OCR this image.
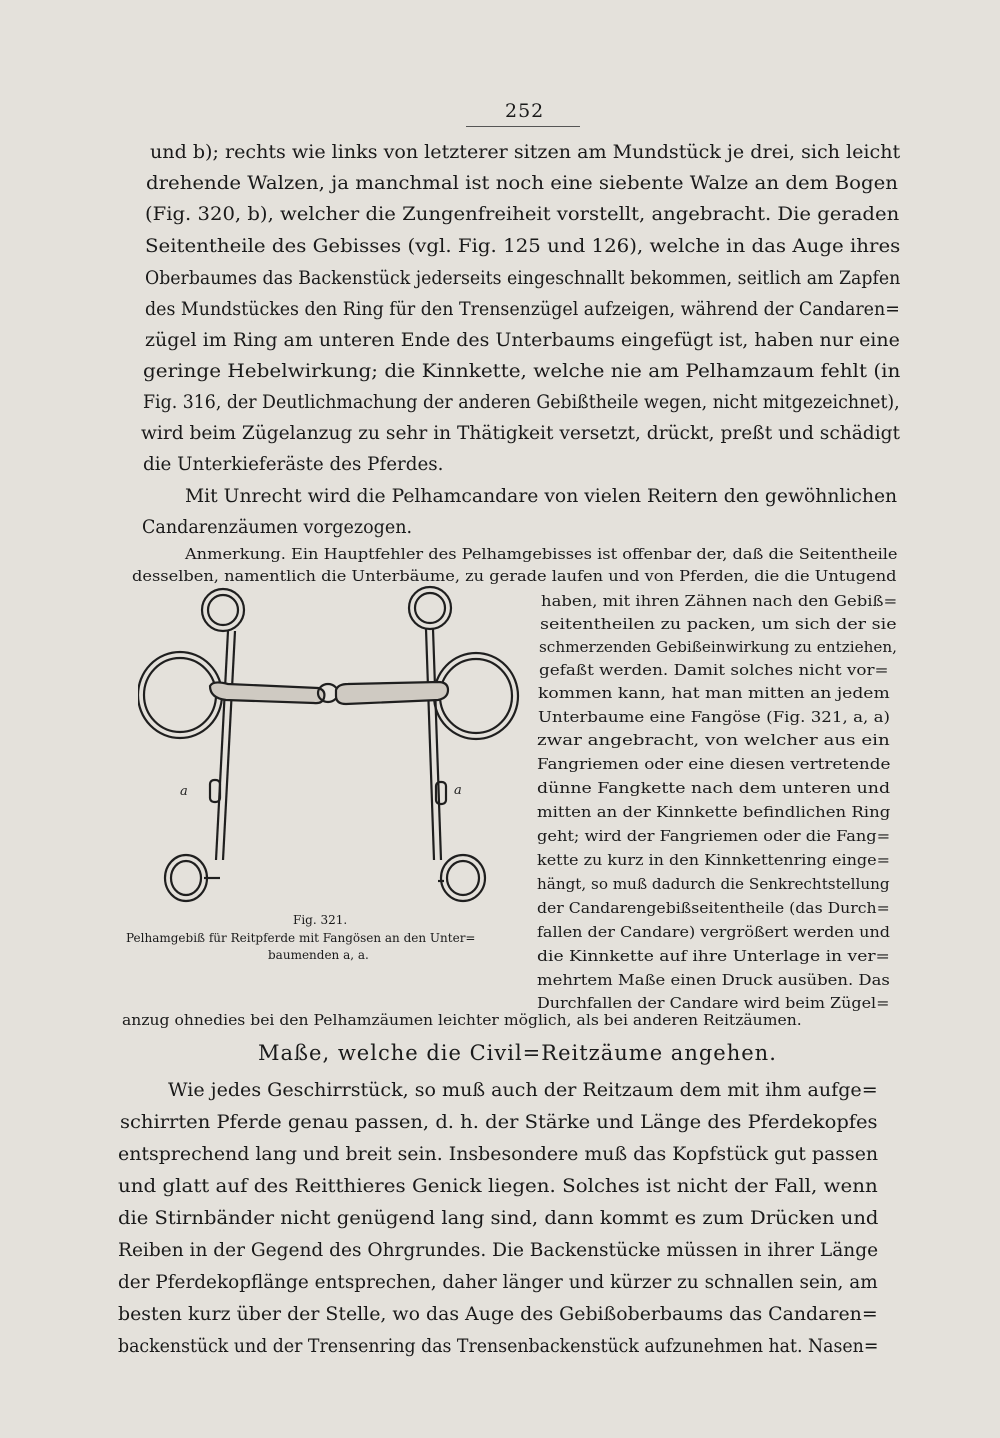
252
und b); rechts wie links von letzterer sitzen am Mundstück je drei, sich leicht
drehende Walzen, ja manchmal ist noch eine siebente Walze an dem Bogen
(Fig. 320, b), welcher die Zungenfreiheit vorstellt, angebracht. Die geraden
Seitentheile des Gebisses (vgl. Fig. 125 und 126), welche in das Auge ihres
Oberbaumes das Backenstück jederseits eingeschnallt bekommen, seitlich am Zapfen
des Mundstückes den Ring für den Trensenzügel aufzeigen, während der Candaren=
zügel im Ring am unteren Ende des Unterbaums eingefügt ist, haben nur eine
geringe Hebelwirkung; die Kinnkette, welche nie am Pelhamzaum fehlt (in
Fig. 316, der Deutlichmachung der anderen Gebißtheile wegen, nicht mitgezeichnet),
wird beim Zügelanzug zu sehr in Thätigkeit versetzt, drückt, preßt und schädigt
die Unterkieferäste des Pferdes.
Mit Unrecht wird die Pelhamcandare von vielen Reitern den gewöhnlichen
Candarenzäumen vorgezogen.
Anmerkung. Ein Hauptfehler des Pelhamgebisses ist offenbar der, daß die Seitentheile
desselben, namentlich die Unterbäume, zu gerade laufen und von Pferden, die die Untugend
haben, mit ihren Zähnen nach den Gebiß=
seitentheilen zu packen, um sich der sie
schmerzenden Gebißeinwirkung zu entziehen,
gefaßt werden. Damit solches nicht vor=
kommen kann, hat man mitten an jedem
Unterbaume eine Fangöse (Fig. 321, a, a)
zwar angebracht, von welcher aus ein
Fangriemen oder eine diesen vertretende
dünne Fangkette nach dem unteren und
mitten an der Kinnkette befindlichen Ring
geht; wird der Fangriemen oder die Fang=
kette zu kurz in den Kinnkettenring einge=
hängt, so muß dadurch die Senkrechtstellung
der Candarengebißseitentheile (das Durch=
fallen der Candare) vergrößert werden und
die Kinnkette auf ihre Unterlage in ver=
mehrtem Maße einen Druck ausüben. Das
Durchfallen der Candare wird beim Zügel=
anzug ohnedies bei den Pelhamzäumen leichter möglich, als bei anderen Reitzäumen.
a	a
Fig. 321.
Pelhamgebiß für Reitpferde mit Fangösen an den Unter=
baumenden a, a.
Maße, welche die Civil=Reitzäume angehen.
Wie jedes Geschirrstück, so muß auch der Reitzaum dem mit ihm aufge=
schirrten Pferde genau passen, d. h. der Stärke und Länge des Pferdekopfes
entsprechend lang und breit sein. Insbesondere muß das Kopfstück gut passen
und glatt auf des Reitthieres Genick liegen. Solches ist nicht der Fall, wenn
die Stirnbänder nicht genügend lang sind, dann kommt es zum Drücken und
Reiben in der Gegend des Ohrgrundes. Die Backenstücke müssen in ihrer Länge
der Pferdekopflänge entsprechen, daher länger und kürzer zu schnallen sein, am
besten kurz über der Stelle, wo das Auge des Gebißoberbaums das Candaren=
backenstück und der Trensenring das Trensenbackenstück aufzunehmen hat. Nasen=
